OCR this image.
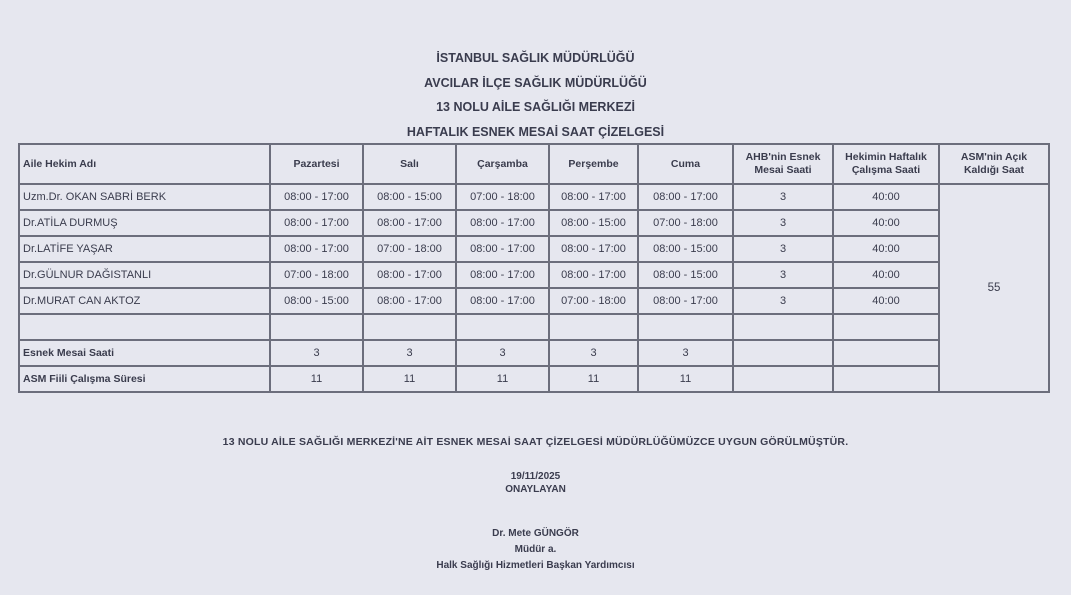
İSTANBUL SAĞLIK MÜDÜRLÜĞÜ
AVCILAR İLÇE SAĞLIK MÜDÜRLÜĞÜ
13 NOLU AİLE SAĞLIĞI MERKEZİ
HAFTALIK ESNEK MESAİ SAAT ÇİZELGESİ
Aile Hekim Adı	Pazartesi	Salı	Çarşamba	Perşembe	Cuma	AHB'nin Esnek Mesai Saati	Hekimin Haftalık Çalışma Saati	ASM'nin Açık Kaldığı Saat
Uzm.Dr. OKAN SABRİ BERK	08:00 - 17:00	08:00 - 15:00	07:00 - 18:00	08:00 - 17:00	08:00 - 17:00	3	40:00	55
Dr.ATİLA DURMUŞ	08:00 - 17:00	08:00 - 17:00	08:00 - 17:00	08:00 - 15:00	07:00 - 18:00	3	40:00	
Dr.LATİFE YAŞAR	08:00 - 17:00	07:00 - 18:00	08:00 - 17:00	08:00 - 17:00	08:00 - 15:00	3	40:00	
Dr.GÜLNUR DAĞISTANLI	07:00 - 18:00	08:00 - 17:00	08:00 - 17:00	08:00 - 17:00	08:00 - 15:00	3	40:00	
Dr.MURAT CAN AKTOZ	08:00 - 15:00	08:00 - 17:00	08:00 - 17:00	07:00 - 18:00	08:00 - 17:00	3	40:00	

Esnek Mesai Saati	3	3	3	3	3			
ASM Fiili Çalışma Süresi	11	11	11	11	11			
13 NOLU AİLE SAĞLIĞI MERKEZİ'NE AİT ESNEK MESAİ SAAT ÇİZELGESİ MÜDÜRLÜĞÜMÜZCE UYGUN GÖRÜLMÜŞTÜR.
19/11/2025
ONAYLAYAN
Dr. Mete GÜNGÖR
Müdür a.
Halk Sağlığı Hizmetleri Başkan Yardımcısı
